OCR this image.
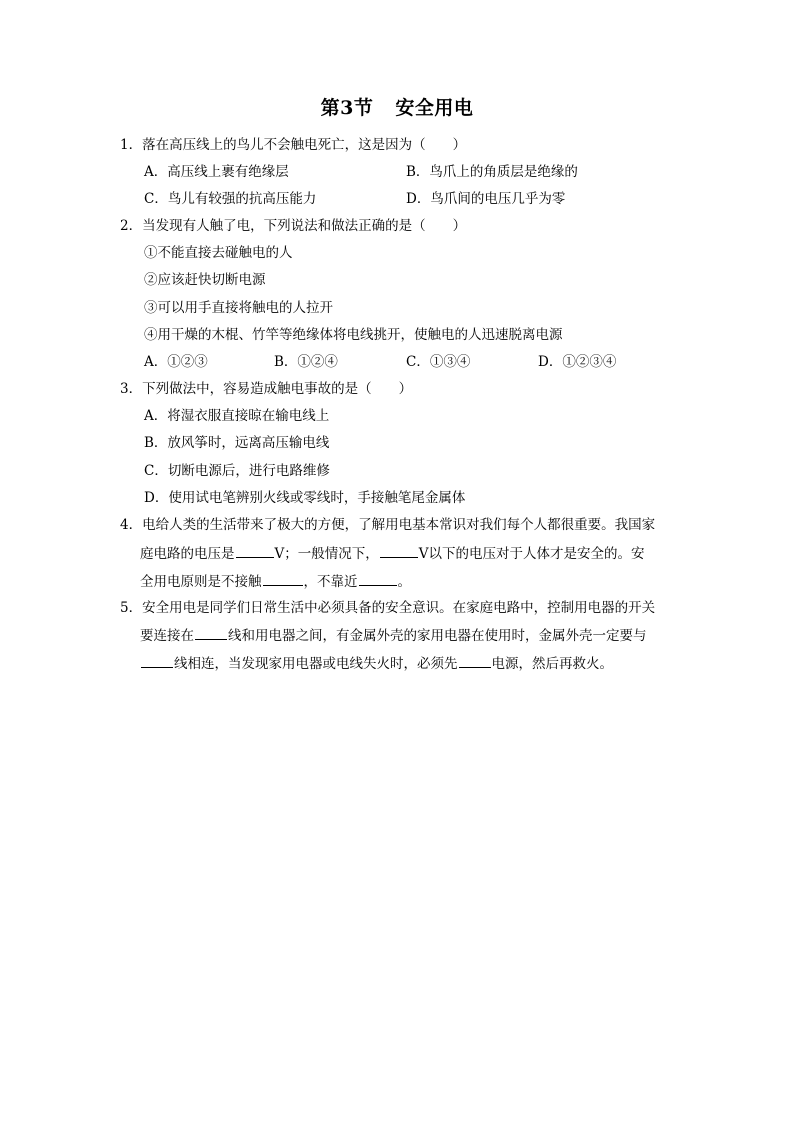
第3节 安全用电
1．落在高压线上的鸟儿不会触电死亡，这是因为（　　）
A．高压线上裹有绝缘层	B．鸟爪上的角质层是绝缘的
C．鸟儿有较强的抗高压能力	D．鸟爪间的电压几乎为零
2．当发现有人触了电，下列说法和做法正确的是（　　）
①不能直接去碰触电的人
②应该赶快切断电源
③可以用手直接将触电的人拉开
④用干燥的木棍、竹竿等绝缘体将电线挑开，使触电的人迅速脱离电源
A．①②③	B．①②④	C．①③④	D．①②③④
3．下列做法中，容易造成触电事故的是（　　）
A．将湿衣服直接晾在输电线上
B．放风筝时，远离高压输电线
C．切断电源后，进行电路维修
D．使用试电笔辨别火线或零线时，手接触笔尾金属体
4．电给人类的生活带来了极大的方便，了解用电基本常识对我们每个人都很重要。我国家
庭电路的电压是	V；一般情况下，	V以下的电压对于人体才是安全的。安
全用电原则是不接触	，不靠近	。
5．安全用电是同学们日常生活中必须具备的安全意识。在家庭电路中，控制用电器的开关
要连接在	线和用电器之间，有金属外壳的家用电器在使用时，金属外壳一定要与
线相连，当发现家用电器或电线失火时，必须先	电源，然后再救火。
